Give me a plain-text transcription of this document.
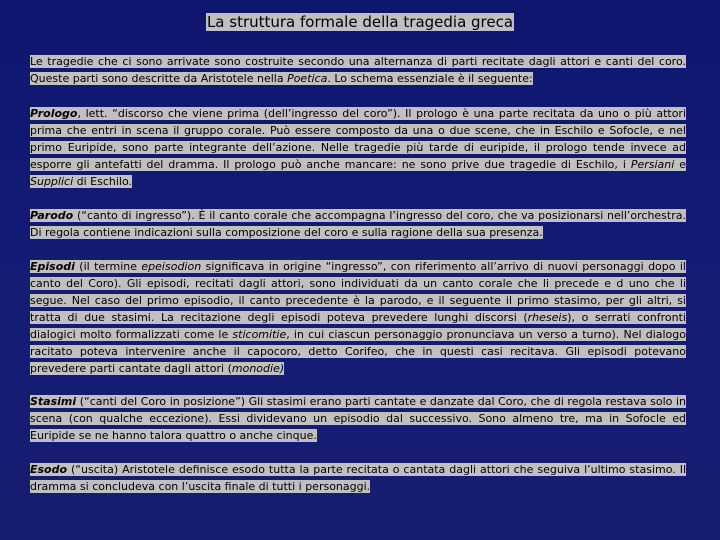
La struttura formale della tragedia greca

Le tragedie che ci sono arrivate sono costruite secondo una alternanza di parti recitate dagli attori e canti del coro. Queste parti sono descritte da Aristotele nella Poetica. Lo schema essenziale è il seguente:

Prologo, lett. “discorso che viene prima (dell’ingresso del coro”). Il prologo è una parte recitata da uno o più attori prima che entri in scena il gruppo corale. Può essere composto da una o due scene, che in Eschilo e Sofocle, e nel primo Euripide, sono parte integrante dell’azione. Nelle tragedie più tarde di euripide, il prologo tende invece ad esporre gli antefatti del dramma. Il prologo può anche mancare: ne sono prive due tragedie di Eschilo, i Persiani e Supplici di Eschilo.

Parodo (“canto di ingresso”). È il canto corale che accompagna l’ingresso del coro, che va posizionarsi nell’orchestra. Di regola contiene indicazioni sulla composizione del coro e sulla ragione della sua presenza.

Episodi (il termine epeisodion significava in origine “ingresso”, con riferimento all’arrivo di nuovi personaggi dopo il canto del Coro). Gli episodi, recitati dagli attori, sono individuati da un canto corale che li precede e d uno che li segue. Nel caso del primo episodio, il canto precedente è la parodo, e il seguente il primo stasimo, per gli altri, si tratta di due stasimi. La recitazione degli episodi poteva prevedere lunghi discorsi (rheseis), o serrati confronti dialogici molto formalizzati come le sticomitie, in cui ciascun personaggio pronunciava un verso a turno). Nel dialogo racitato poteva intervenire anche il capocoro, detto Corifeo, che in questi casi recitava. Gli episodi potevano prevedere parti cantate dagli attori (monodie)

Stasimi (“canti del Coro in posizione”) Gli stasimi erano parti cantate e danzate dal Coro, che di regola restava solo in scena (con qualche eccezione). Essi dividevano un episodio dal successivo. Sono almeno tre, ma in Sofocle ed Euripide se ne hanno talora quattro o anche cinque.

Esodo (“uscita) Aristotele definisce esodo tutta la parte recitata o cantata dagli attori che seguiva l’ultimo stasimo. Il dramma si concludeva con l’uscita finale di tutti i personaggi.
